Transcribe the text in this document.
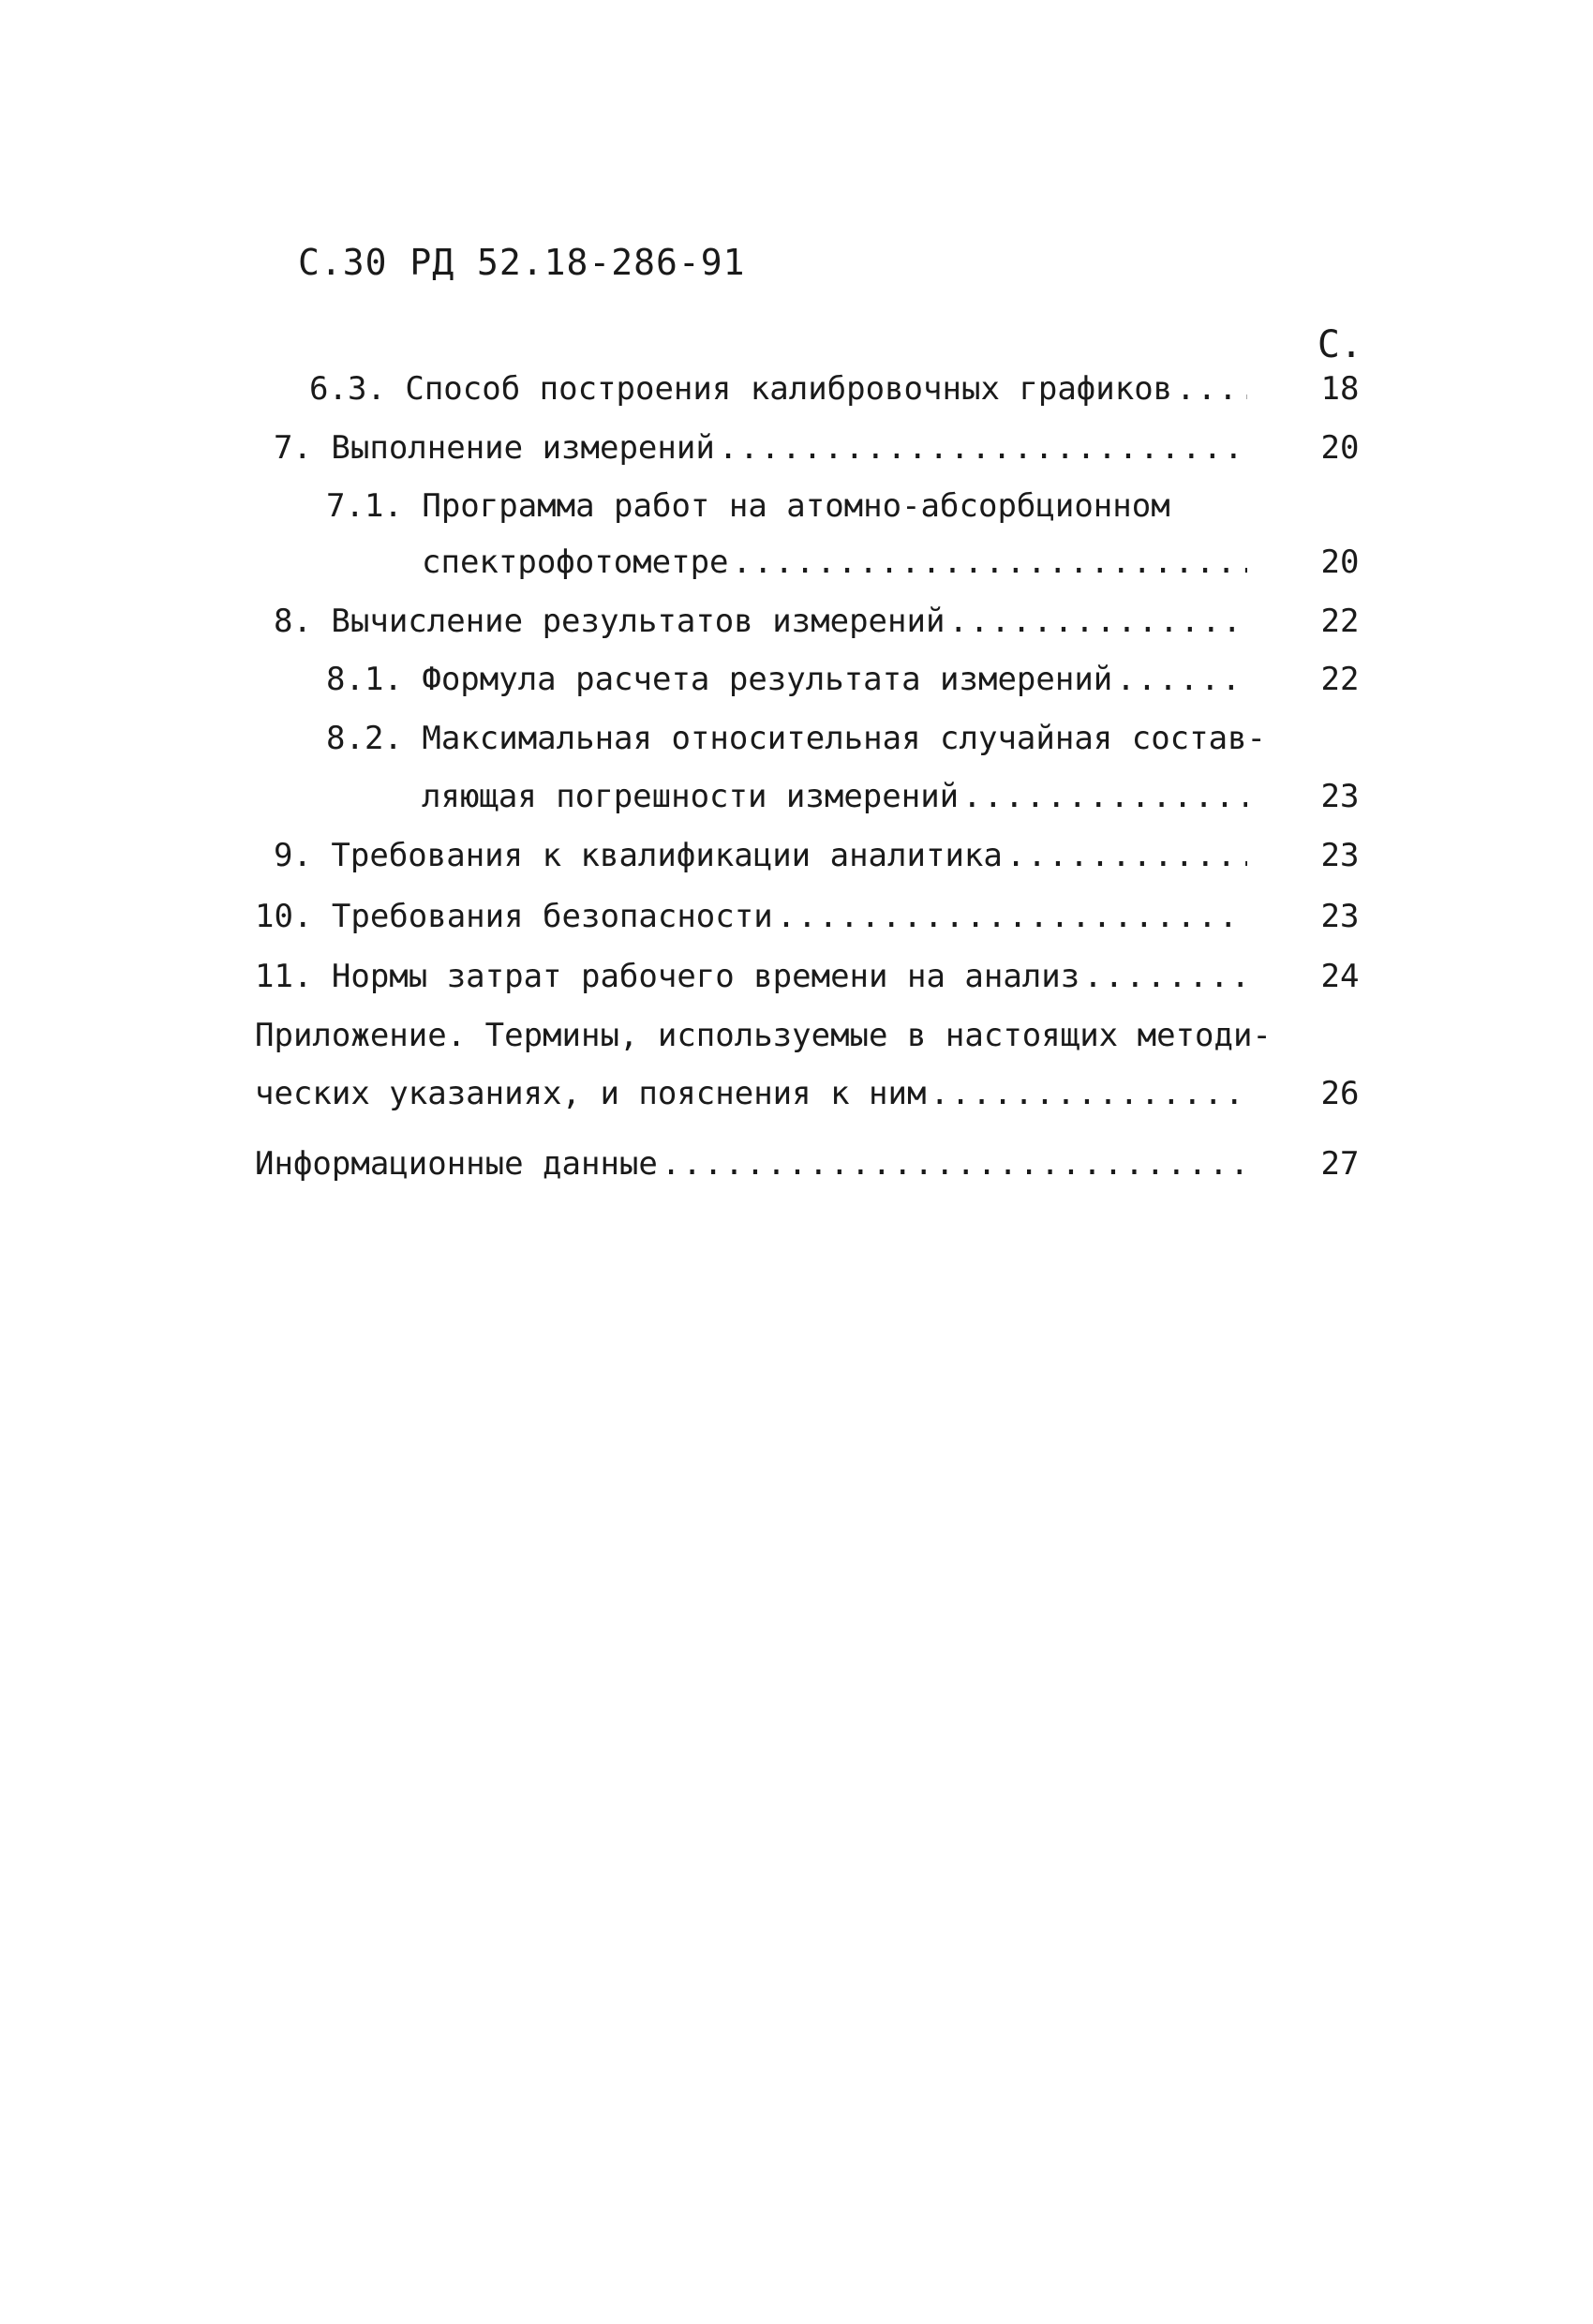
С.30 РД 52.18-286-91
С.
6.3. Способ построения калибровочных графиков .....	18
7. Выполнение измерений .....	20
7.1. Программа работ на атомно-абсорбционном
спектрофотометре .....	20
8. Вычисление результатов измерений .....	22
8.1. Формула расчета результата измерений .....	22
8.2. Максимальная относительная случайная состав-
ляющая погрешности измерений .....	23
9. Требования к квалификации аналитика .....	23
10. Требования безопасности .....	23
11. Нормы затрат рабочего времени на анализ .....	24
Приложение. Термины, используемые в настоящих методи-
ческих указаниях, и пояснения к ним .....	26
Информационные данные .....	27
